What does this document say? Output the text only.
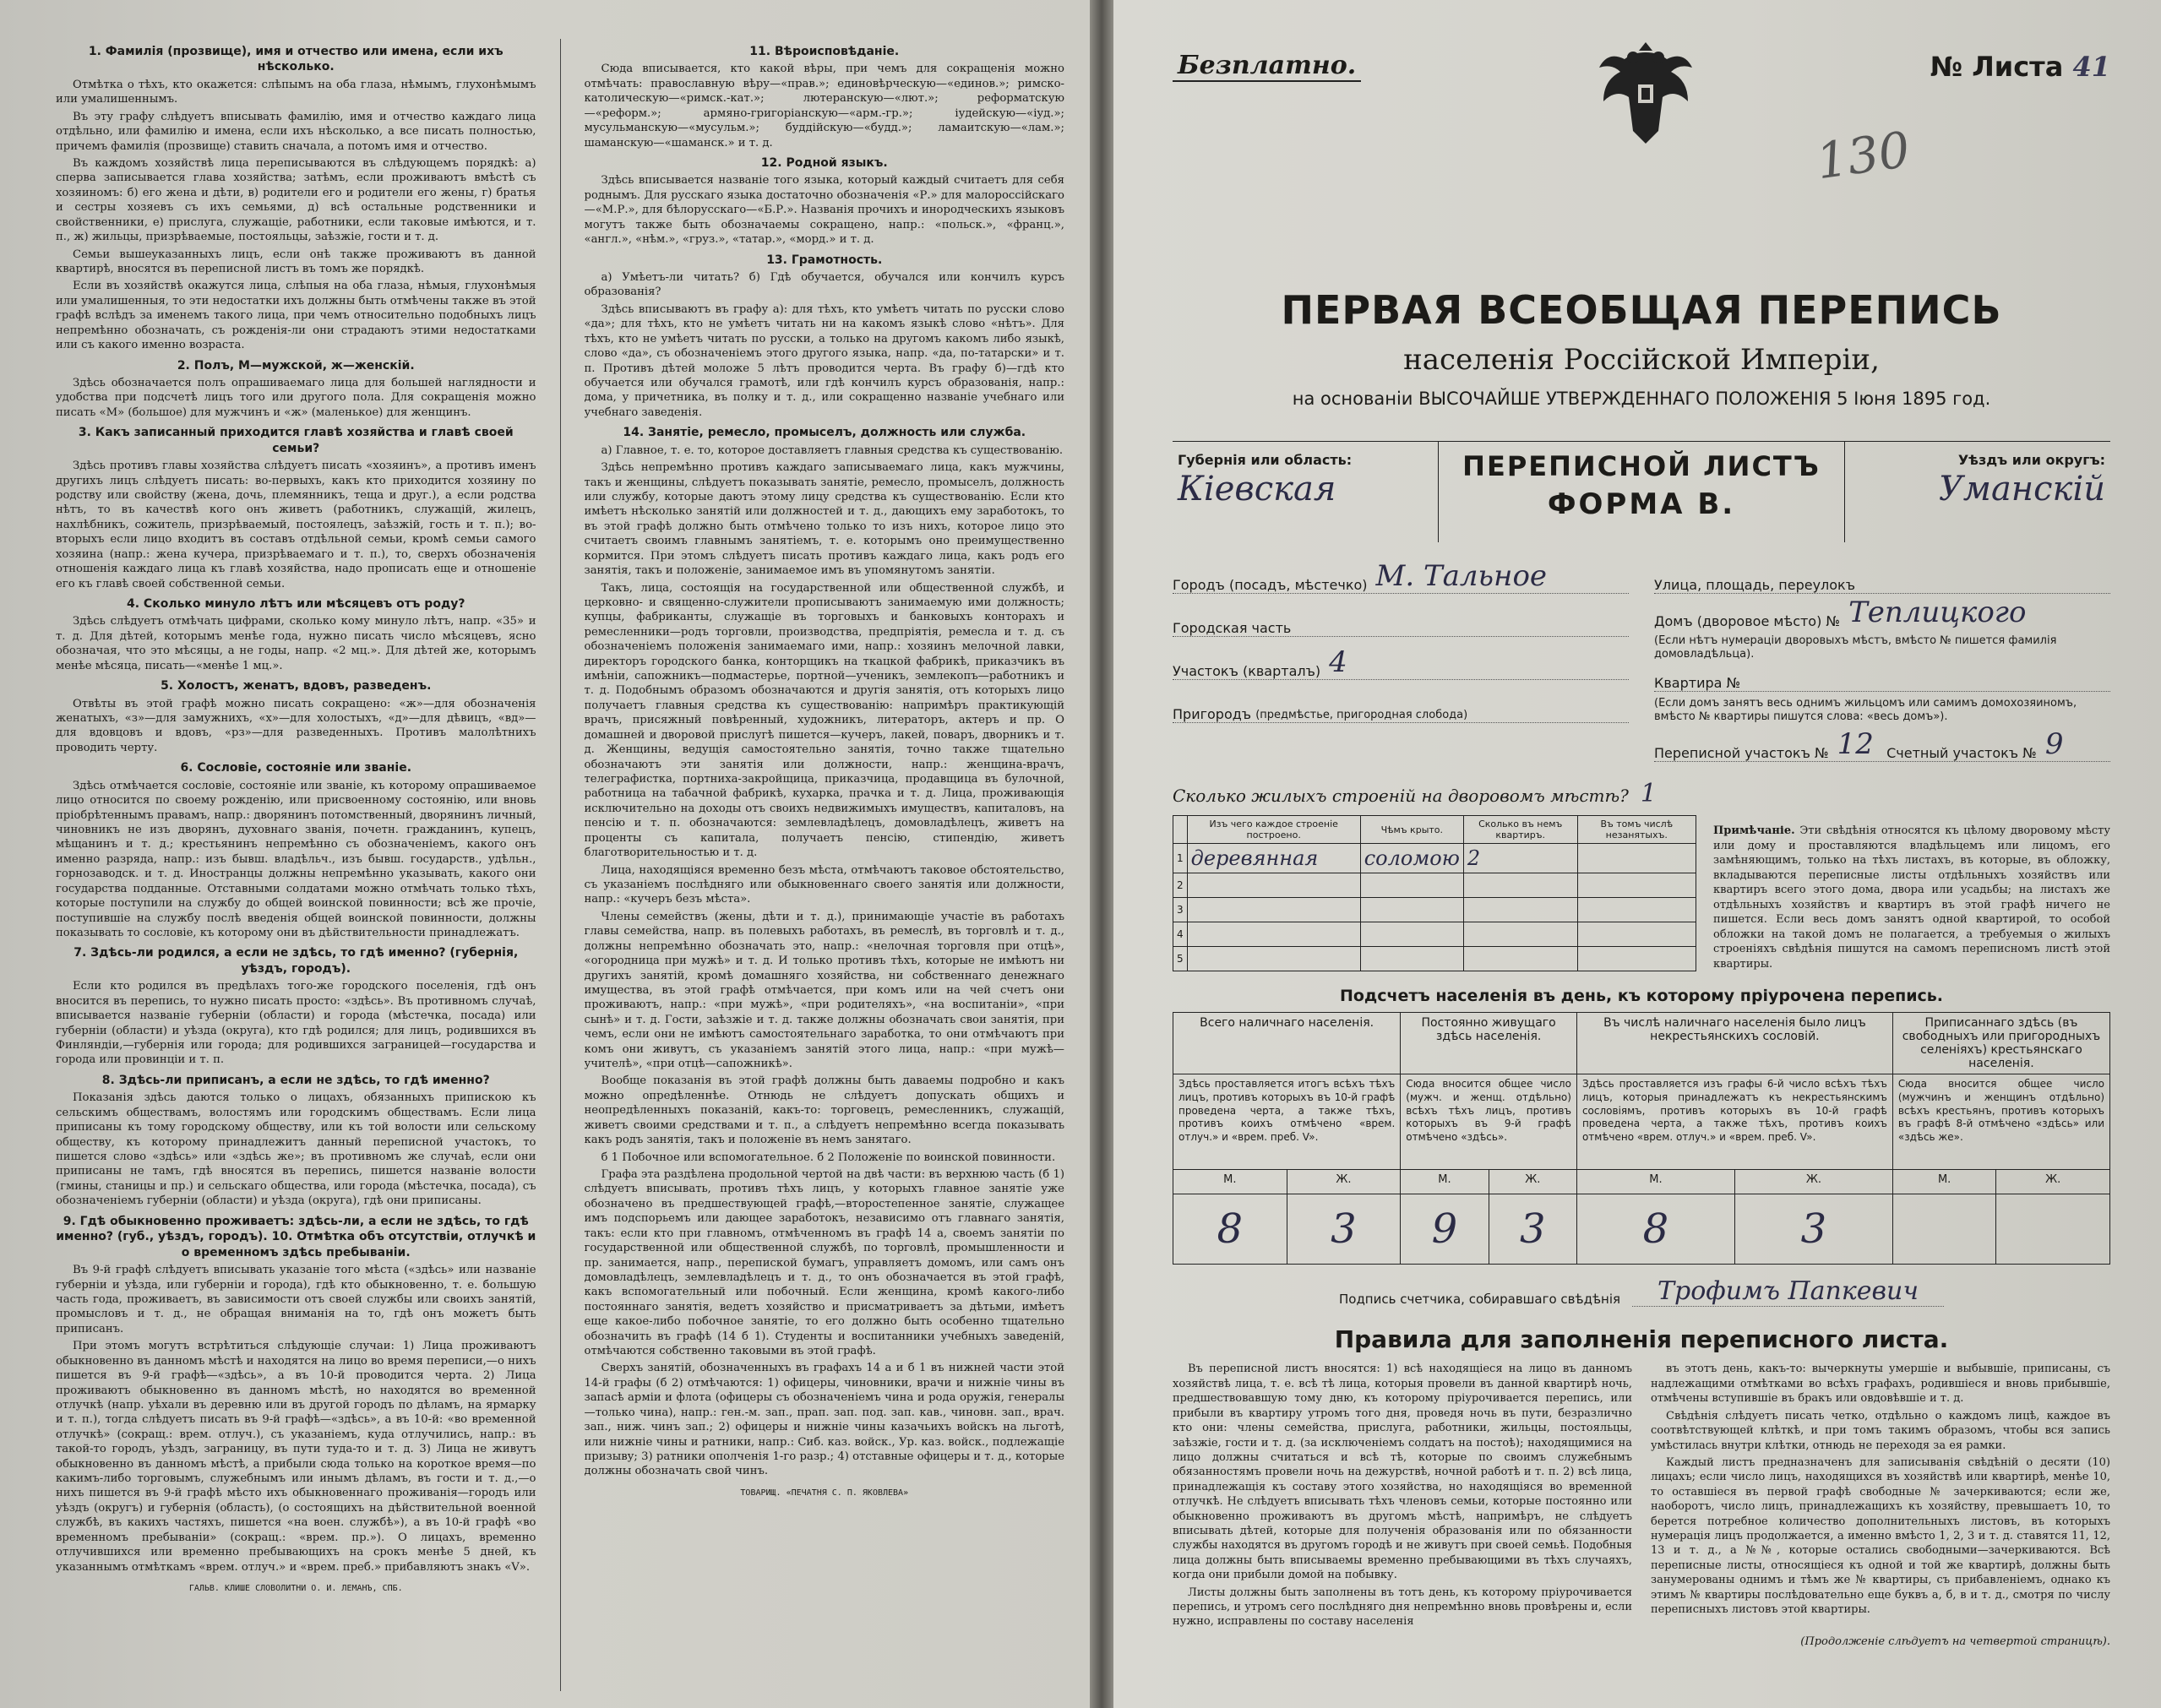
1. Фамилія (прозвище), имя и отчество или имена, если ихъ нѣсколько.

Отмѣтка о тѣхъ, кто окажется: слѣпымъ на оба глаза, нѣмымъ, глухонѣмымъ или умалишеннымъ.

Въ эту графу слѣдуетъ вписывать фамилію, имя и отчество каждаго лица отдѣльно, или фамилію и имена, если ихъ нѣсколько, а все писать полностью, причемъ фамилія (прозвище) ставить сначала, а потомъ имя и отчество.

Въ каждомъ хозяйствѣ лица переписываются въ слѣдующемъ порядкѣ: а) сперва записывается глава хозяйства; затѣмъ, если проживаютъ вмѣстѣ съ хозяиномъ: б) его жена и дѣти, в) родители его и родители его жены, г) братья и сестры хозяевъ съ ихъ семьями, д) всѣ остальные родственники и свойственники, е) прислуга, служащіе, работники, если таковые имѣются, и т. п., ж) жильцы, призрѣваемые, постояльцы, заѣзжіе, гости и т. д.

Семьи вышеуказанныхъ лицъ, если онѣ также проживаютъ въ данной квартирѣ, вносятся въ переписной листъ въ томъ же порядкѣ.

Если въ хозяйствѣ окажутся лица, слѣпыя на оба глаза, нѣмыя, глухонѣмыя или умалишенныя, то эти недостатки ихъ должны быть отмѣчены также въ этой графѣ вслѣдъ за именемъ такого лица, при чемъ относительно подобныхъ лицъ непремѣнно обозначать, съ рожденія-ли они страдаютъ этими недостатками или съ какого именно возраста.

2. Полъ, М—мужской, ж—женскій.

Здѣсь обозначается полъ опрашиваемаго лица для большей наглядности и удобства при подсчетѣ лицъ того или другого пола. Для сокращенія можно писать «М» (большое) для мужчинъ и «ж» (маленькое) для женщинъ.

3. Какъ записанный приходится главѣ хозяйства и главѣ своей семьи?

Здѣсь противъ главы хозяйства слѣдуетъ писать «хозяинъ», а противъ именъ другихъ лицъ слѣдуетъ писать: во-первыхъ, какъ кто приходится хозяину по родству или свойству (жена, дочь, племянникъ, теща и друг.), а если родства нѣтъ, то въ качествѣ кого онъ живетъ (работникъ, служащій, жилецъ, нахлѣбникъ, сожитель, призрѣваемый, постоялецъ, заѣзжій, гость и т. п.); во-вторыхъ если лицо входитъ въ составъ отдѣльной семьи, кромѣ семьи самого хозяина (напр.: жена кучера, призрѣваемаго и т. п.), то, сверхъ обозначенія отношенія каждаго лица къ главѣ хозяйства, надо прописать еще и отношеніе его къ главѣ своей собственной семьи.

4. Сколько минуло лѣтъ или мѣсяцевъ отъ роду?

Здѣсь слѣдуетъ отмѣчать цифрами, сколько кому минуло лѣтъ, напр. «35» и т. д. Для дѣтей, которымъ менѣе года, нужно писать число мѣсяцевъ, ясно обозначая, что это мѣсяцы, а не годы, напр. «2 мц.». Для дѣтей же, которымъ менѣе мѣсяца, писать—«менѣе 1 мц.».

5. Холостъ, женатъ, вдовъ, разведенъ.

Отвѣты въ этой графѣ можно писать сокращено: «ж»—для обозначенія женатыхъ, «з»—для замужнихъ, «х»—для холостыхъ, «д»—для дѣвицъ, «вд»—для вдовцовъ и вдовъ, «рз»—для разведенныхъ. Противъ малолѣтнихъ проводить черту.

6. Сословіе, состояніе или званіе.

Здѣсь отмѣчается сословіе, состояніе или званіе, къ которому опрашиваемое лицо относится по своему рожденію, или присвоенному состоянію, или вновь пріобрѣтеннымъ правамъ, напр.: дворянинъ потомственный, дворянинъ личный, чиновникъ не изъ дворянъ, духовнаго званія, почетн. гражданинъ, купецъ, мѣщанинъ и т. д.; крестьянинъ непремѣнно съ обозначеніемъ, какого онъ именно разряда, напр.: изъ бывш. владѣльч., изъ бывш. государств., удѣльн., горнозаводск. и т. д. Иностранцы должны непремѣнно указывать, какого они государства подданные. Отставными солдатами можно отмѣчать только тѣхъ, которые поступили на службу до общей воинской повинности; всѣ же прочіе, поступившіе на службу послѣ введенія общей воинской повинности, должны показывать то сословіе, къ которому они въ дѣйствительности принадлежатъ.

7. Здѣсь-ли родился, а если не здѣсь, то гдѣ именно? (губернія, уѣздъ, городъ).

Если кто родился въ предѣлахъ того-же городского поселенія, гдѣ онъ вносится въ перепись, то нужно писать просто: «здѣсь». Въ противномъ случаѣ, вписывается названіе губерніи (области) и города (мѣстечка, посада) или губерніи (области) и уѣзда (округа), кто гдѣ родился; для лицъ, родившихся въ Финляндіи,—губернія или города; для родившихся заграницей—государства и города или провинціи и т. п.

8. Здѣсь-ли приписанъ, а если не здѣсь, то гдѣ именно?

Показанія здѣсь даются только о лицахъ, обязанныхъ припискою къ сельскимъ обществамъ, волостямъ или городскимъ обществамъ. Если лица приписаны къ тому городскому обществу, или къ той волости или сельскому обществу, къ которому принадлежитъ данный переписной участокъ, то пишется слово «здѣсь» или «здѣсь же»; въ противномъ же случаѣ, если они приписаны не тамъ, гдѣ вносятся въ перепись, пишется названіе волости (гмины, станицы и пр.) и сельскаго общества, или города (мѣстечка, посада), съ обозначеніемъ губерніи (области) и уѣзда (округа), гдѣ они приписаны.

9. Гдѣ обыкновенно проживаетъ: здѣсь-ли, а если не здѣсь, то гдѣ именно? (губ., уѣздъ, городъ). 10. Отмѣтка объ отсутствіи, отлучкѣ и о временномъ здѣсь пребываніи.

Въ 9-й графѣ слѣдуетъ вписывать указаніе того мѣста («здѣсь» или названіе губерніи и уѣзда, или губерніи и города), гдѣ кто обыкновенно, т. е. большую часть года, проживаетъ, въ зависимости отъ своей службы или своихъ занятій, промысловъ и т. д., не обращая вниманія на то, гдѣ онъ можетъ быть приписанъ.

При этомъ могутъ встрѣтиться слѣдующіе случаи: 1) Лица проживаютъ обыкновенно въ данномъ мѣстѣ и находятся на лицо во время переписи,—о нихъ пишется въ 9-й графѣ—«здѣсь», а въ 10-й проводится черта. 2) Лица проживаютъ обыкновенно въ данномъ мѣстѣ, но находятся во временной отлучкѣ (напр. уѣхали въ деревню или въ другой городъ по дѣламъ, на ярмарку и т. п.), тогда слѣдуетъ писать въ 9-й графѣ—«здѣсь», а въ 10-й: «во временной отлучкѣ» (сокращ.: врем. отлуч.), съ указаніемъ, куда отлучились, напр.: въ такой-то городъ, уѣздъ, заграницу, въ пути туда-то и т. д. 3) Лица не живутъ обыкновенно въ данномъ мѣстѣ, а прибыли сюда только на короткое время—по какимъ-либо торговымъ, служебнымъ или инымъ дѣламъ, въ гости и т. д.,—о нихъ пишется въ 9-й графѣ мѣсто ихъ обыкновеннаго проживанія—городъ или уѣздъ (округъ) и губернія (область), (о состоящихъ на дѣйствительной военной службѣ, въ какихъ частяхъ, пишется «на воен. службѣ»), а въ 10-й графѣ «во временномъ пребываніи» (сокращ.: «врем. пр.»). О лицахъ, временно отлучившихся или временно пребывающихъ на срокъ менѣе 5 дней, къ указаннымъ отмѣткамъ «врем. отлуч.» и «врем. преб.» прибавляютъ знакъ «V».

ГАЛЬВ. КЛИШЕ СЛОВОЛИТНИ О. И. ЛЕМАНЪ, СПБ.
11. Вѣроисповѣданіе.

Сюда вписывается, кто какой вѣры, при чемъ для сокращенія можно отмѣчать: православную вѣру—«прав.»; единовѣрческую—«единов.»; римско-католическую—«римск.-кат.»; лютеранскую—«лют.»; реформатскую—«реформ.»; армяно-григоріанскую—«арм.-гр.»; іудейскую—«іуд.»; мусульманскую—«мусульм.»; буддійскую—«будд.»; ламаитскую—«лам.»; шаманскую—«шаманск.» и т. д.

12. Родной языкъ.

Здѣсь вписывается названіе того языка, который каждый считаетъ для себя роднымъ. Для русскаго языка достаточно обозначенія «Р.» для малороссійскаго—«М.Р.», для бѣлорусскаго—«Б.Р.». Названія прочихъ и инородческихъ языковъ могутъ также быть обозначаемы сокращено, напр.: «польск.», «франц.», «англ.», «нѣм.», «груз.», «татар.», «морд.» и т. д.

13. Грамотность.

а) Умѣетъ-ли читать? б) Гдѣ обучается, обучался или кончилъ курсъ образованія?

Здѣсь вписываютъ въ графу а): для тѣхъ, кто умѣетъ читать по русски слово «да»; для тѣхъ, кто не умѣетъ читать ни на какомъ языкѣ слово «нѣтъ». Для тѣхъ, кто не умѣетъ читать по русски, а только на другомъ какомъ либо языкѣ, слово «да», съ обозначеніемъ этого другого языка, напр. «да, по-татарски» и т. п. Противъ дѣтей моложе 5 лѣтъ проводится черта. Въ графу б)—гдѣ кто обучается или обучался грамотѣ, или гдѣ кончилъ курсъ образованія, напр.: дома, у причетника, въ полку и т. д., или сокращенно названіе учебнаго или учебнаго заведенія.

14. Занятіе, ремесло, промыселъ, должность или служба.

а) Главное, т. е. то, которое доставляетъ главныя средства къ существованію.

Здѣсь непремѣнно противъ каждаго записываемаго лица, какъ мужчины, такъ и женщины, слѣдуетъ показывать занятіе, ремесло, промыселъ, должность или службу, которые даютъ этому лицу средства къ существованію. Если кто имѣетъ нѣсколько занятій или должностей и т. д., дающихъ ему заработокъ, то въ этой графѣ должно быть отмѣчено только то изъ нихъ, которое лицо это считаетъ своимъ главнымъ занятіемъ, т. е. которымъ оно преимущественно кормится. При этомъ слѣдуетъ писать противъ каждаго лица, какъ родъ его занятія, такъ и положеніе, занимаемое имъ въ упомянутомъ занятіи.

Такъ, лица, состоящія на государственной или общественной службѣ, и церковно- и священно-служители прописываютъ занимаемую ими должность; купцы, фабриканты, служащіе въ торговыхъ и банковыхъ конторахъ и ремесленники—родъ торговли, производства, предпріятія, ремесла и т. д. съ обозначеніемъ положенія занимаемаго ими, напр.: хозяинъ мелочной лавки, директоръ городского банка, конторщикъ на ткацкой фабрикѣ, приказчикъ въ имѣніи, сапожникъ—подмастерье, портной—ученикъ, землекопъ—работникъ и т. д. Подобнымъ образомъ обозначаются и другія занятія, отъ которыхъ лицо получаетъ главныя средства къ существованію: напримѣръ практикующій врачъ, присяжный повѣренный, художникъ, литераторъ, актеръ и пр. О домашней и дворовой прислугѣ пишется—кучеръ, лакей, поваръ, дворникъ и т. д. Женщины, ведущія самостоятельно занятія, точно также тщательно обозначаютъ эти занятія или должности, напр.: женщина-врачъ, телеграфистка, портниха-закройщица, приказчица, продавщица въ булочной, работница на табачной фабрикѣ, кухарка, прачка и т. д. Лица, проживающія исключительно на доходы отъ своихъ недвижимыхъ имуществъ, капиталовъ, на пенсію и т. п. обозначаются: землевладѣлецъ, домовладѣлецъ, живетъ на проценты съ капитала, получаетъ пенсію, стипендію, живетъ благотворительностью и т. д.

Лица, находящіяся временно безъ мѣста, отмѣчаютъ таковое обстоятельство, съ указаніемъ послѣдняго или обыкновеннаго своего занятія или должности, напр.: «кучеръ безъ мѣста».

Члены семействъ (жены, дѣти и т. д.), принимающіе участіе въ работахъ главы семейства, напр. въ полевыхъ работахъ, въ ремеслѣ, въ торговлѣ и т. д., должны непремѣнно обозначать это, напр.: «нелочная торговля при отцѣ», «огородница при мужѣ» и т. д. И только противъ тѣхъ, которые не имѣютъ ни другихъ занятій, кромѣ домашняго хозяйства, ни собственнаго денежнаго имущества, въ этой графѣ отмѣчается, при комъ или на чей счетъ они проживаютъ, напр.: «при мужѣ», «при родителяхъ», «на воспитаніи», «при сынѣ» и т. д. Гости, заѣзжіе и т. д. также должны обозначать свои занятія, при чемъ, если они не имѣютъ самостоятельнаго заработка, то они отмѣчаютъ при комъ они живутъ, съ указаніемъ занятій этого лица, напр.: «при мужѣ—учителѣ», «при отцѣ—сапожникѣ».

Вообще показанія въ этой графѣ должны быть даваемы подробно и какъ можно опредѣленнѣе. Отнюдь не слѣдуетъ допускать общихъ и неопредѣленныхъ показаній, какъ-то: торговецъ, ремесленникъ, служащій, живетъ своими средствами и т. п., а слѣдуетъ непремѣнно всегда показывать какъ родъ занятія, такъ и положеніе въ немъ занятаго.

б 1 Побочное или вспомогательное. б 2 Положеніе по воинской повинности.

Графа эта раздѣлена продольной чертой на двѣ части: въ верхнюю часть (б 1) слѣдуетъ вписывать, противъ тѣхъ лицъ, у которыхъ главное занятіе уже обозначено въ предшествующей графѣ,—второстепенное занятіе, служащее имъ подспорьемъ или дающее заработокъ, независимо отъ главнаго занятія, такъ: если кто при главномъ, отмѣченномъ въ графѣ 14 а, своемъ занятіи по государственной или общественной службѣ, по торговлѣ, промышленности и пр. занимается, напр., перепиской бумагъ, управляетъ домомъ, или самъ онъ домовладѣлецъ, землевладѣлецъ и т. д., то онъ обозначается въ этой графѣ, какъ вспомогательный или побочный. Если женщина, кромѣ какого-либо постояннаго занятія, ведетъ хозяйство и присматриваетъ за дѣтьми, имѣетъ еще какое-либо побочное занятіе, то его должно быть особенно тщательно обозначить въ графѣ (14 б 1). Студенты и воспитанники учебныхъ заведеній, отмѣчаются собственно таковыми въ этой графѣ.

Сверхъ занятій, обозначенныхъ въ графахъ 14 а и б 1 въ нижней части этой 14-й графы (б 2) отмѣчаются: 1) офицеры, чиновники, врачи и нижніе чины въ запасѣ арміи и флота (офицеры съ обозначеніемъ чина и рода оружія, генералы—только чина), напр.: ген.-м. зап., прап. зап. под. зап. кав., чиновн. зап., врач. зап., ниж. чинъ зап.; 2) офицеры и нижніе чины казачьихъ войскъ на льготѣ, или нижніе чины и ратники, напр.: Сиб. каз. войск., Ур. каз. войск., подлежащіе призыву; 3) ратники ополченія 1-го разр.; 4) отставные офицеры и т. д., которые должны обозначать свой чинъ.

ТОВАРИЩ. «ПЕЧАТНЯ С. П. ЯКОВЛЕВА»
Безплатно.	№ Листа 41
ПЕРВАЯ ВСЕОБЩАЯ ПЕРЕПИСЬ
населенія Россійской Имперіи,
на основаніи ВЫСОЧАЙШЕ УТВЕРЖДЕННАГО ПОЛОЖЕНІЯ 5 Іюня 1895 год.
Губернія или область:
Кіевская
ПЕРЕПИСНОЙ ЛИСТЪ
ФОРМА В.
Уѣздъ или округъ:
Уманскій
Городъ (посадъ, мѣстечко) М. Тальное
Городская часть
Участокъ (кварталъ) 4
Пригородъ
(предмѣстье, пригородная слобода)
Улица, площадь, переулокъ
Домъ (дворовое мѣсто) № Теплицкого
(Если нѣтъ нумераціи дворовыхъ мѣстъ, вмѣсто № пишется фамилія домовладѣльца).
Квартира №
(Если домъ занятъ весь однимъ жильцомъ или самимъ домохозяиномъ, вмѣсто № квартиры пишутся слова: «весь домъ»).
Переписной участокъ № 12
Счетный участокъ № 9
Сколько жилыхъ строеній на дворовомъ мѣстѣ? 1
	Изъ чего каждое строеніе построено.	Чѣмъ крыто.	Сколько въ немъ квартиръ.	Въ томъ числѣ незанятыхъ.
1	деревянная	соломою	2	
2				
3				
4				
5				
Примѣчаніе. Эти свѣдѣнія относятся къ цѣлому дворовому мѣсту или дому и проставляются владѣльцемъ или лицомъ, его замѣняющимъ, только на тѣхъ листахъ, въ которые, въ обложку, вкладываются переписные листы отдѣльныхъ хозяйствъ или квартиръ всего этого дома, двора или усадьбы; на листахъ же отдѣльныхъ хозяйствъ и квартиръ въ этой графѣ ничего не пишется. Если весь домъ занятъ одной квартирой, то особой обложки на такой домъ не полагается, а требуемыя о жилыхъ строеніяхъ свѣдѣнія пишутся на самомъ переписномъ листѣ этой квартиры.
Подсчетъ населенія въ день, къ которому пріурочена перепись.
Всего наличнаго населенія.		Постоянно живущаго здѣсь населенія.		Въ числѣ наличнаго населенія было лицъ некрестьянскихъ сословій.		Приписаннаго здѣсь (въ свободныхъ или пригородныхъ селеніяхъ) крестьянскаго населенія.	
Здѣсь проставляется итогъ всѣхъ тѣхъ лицъ, противъ которыхъ въ 10-й графѣ проведена черта, а также тѣхъ, противъ коихъ отмѣчено «врем. отлуч.» и «врем. преб. V».		Сюда вносится общее число (мужч. и женщ. отдѣльно) всѣхъ тѣхъ лицъ, противъ которыхъ въ 9-й графѣ отмѣчено «здѣсь».		Здѣсь проставляется изъ графы 6-й число всѣхъ тѣхъ лицъ, которыя принадлежатъ къ некрестьянскимъ сословіямъ, противъ которыхъ въ 10-й графѣ проведена черта, а также тѣхъ, противъ коихъ отмѣчено «врем. отлуч.» и «врем. преб. V».		Сюда вносится общее число (мужчинъ и женщинъ отдѣльно) всѣхъ крестьянъ, противъ которыхъ въ графѣ 8-й отмѣчено «здѣсь» или «здѣсь же».	
М.	Ж.	М.	Ж.	М.	Ж.	М.	Ж.
8	3	9	3	8	3		
Подпись счетчика, собиравшаго свѣдѣнія	Трофимъ Папкевич
Правила для заполненія переписного листа.

Въ переписной листъ вносятся: 1) всѣ находящіеся на лицо въ данномъ хозяйствѣ лица, т. е. всѣ тѣ лица, которыя провели въ данной квартирѣ ночь, предшествовавшую тому дню, къ которому пріурочивается перепись, или прибыли въ квартиру утромъ того дня, проведя ночь въ пути, безразлично кто они: члены семейства, прислуга, работники, жильцы, постояльцы, заѣзжіе, гости и т. д. (за исключеніемъ солдатъ на постоѣ); находящимися на лицо должны считаться и всѣ тѣ, которые по своимъ служебнымъ обязанностямъ провели ночь на дежурствѣ, ночной работѣ и т. п. 2) всѣ лица, принадлежащія къ составу этого хозяйства, но находящіяся во временной отлучкѣ. Не слѣдуетъ вписывать тѣхъ членовъ семьи, которые постоянно или обыкновенно проживаютъ въ другомъ мѣстѣ, напримѣръ, не слѣдуетъ вписывать дѣтей, которые для полученія образованія или по обязанности службы находятся въ другомъ городѣ и не живутъ при своей семьѣ. Подобныя лица должны быть вписываемы временно пребывающими въ тѣхъ случаяхъ, когда они прибыли домой на побывку.

Листы должны быть заполнены въ тотъ день, къ которому пріурочивается перепись, и утромъ сего послѣдняго дня непремѣнно вновь провѣрены и, если нужно, исправлены по составу населенія

въ этотъ день, какъ-то: вычеркнуты умершіе и выбывшіе, приписаны, съ надлежащими отмѣтками во всѣхъ графахъ, родившіеся и вновь прибывшіе, отмѣчены вступившіе въ бракъ или овдовѣвшіе и т. д.

Свѣдѣнія слѣдуетъ писать четко, отдѣльно о каждомъ лицѣ, каждое въ соотвѣтствующей клѣткѣ, и при томъ такимъ образомъ, чтобы вся запись умѣстилась внутри клѣтки, отнюдь не переходя за ея рамки.

Каждый листъ предназначенъ для записыванія свѣдѣній о десяти (10) лицахъ; если число лицъ, находящихся въ хозяйствѣ или квартирѣ, менѣе 10, то оставшіеся въ первой графѣ свободные № зачеркиваются; если же, наоборотъ, число лицъ, принадлежащихъ къ хозяйству, превышаетъ 10, то берется потребное количество дополнительныхъ листовъ, въ которыхъ нумерація лицъ продолжается, а именно вмѣсто 1, 2, 3 и т. д. ставятся 11, 12, 13 и т. д., а №№, которые остались свободными—зачеркиваются. Всѣ переписные листы, относящіеся къ одной и той же квартирѣ, должны быть занумерованы однимъ и тѣмъ же № квартиры, съ прибавленіемъ, однако къ этимъ № квартиры послѣдовательно еще буквъ а, б, в и т. д., смотря по числу переписныхъ листовъ этой квартиры.

(Продолженіе слѣдуетъ на четвертой страницѣ).
130
